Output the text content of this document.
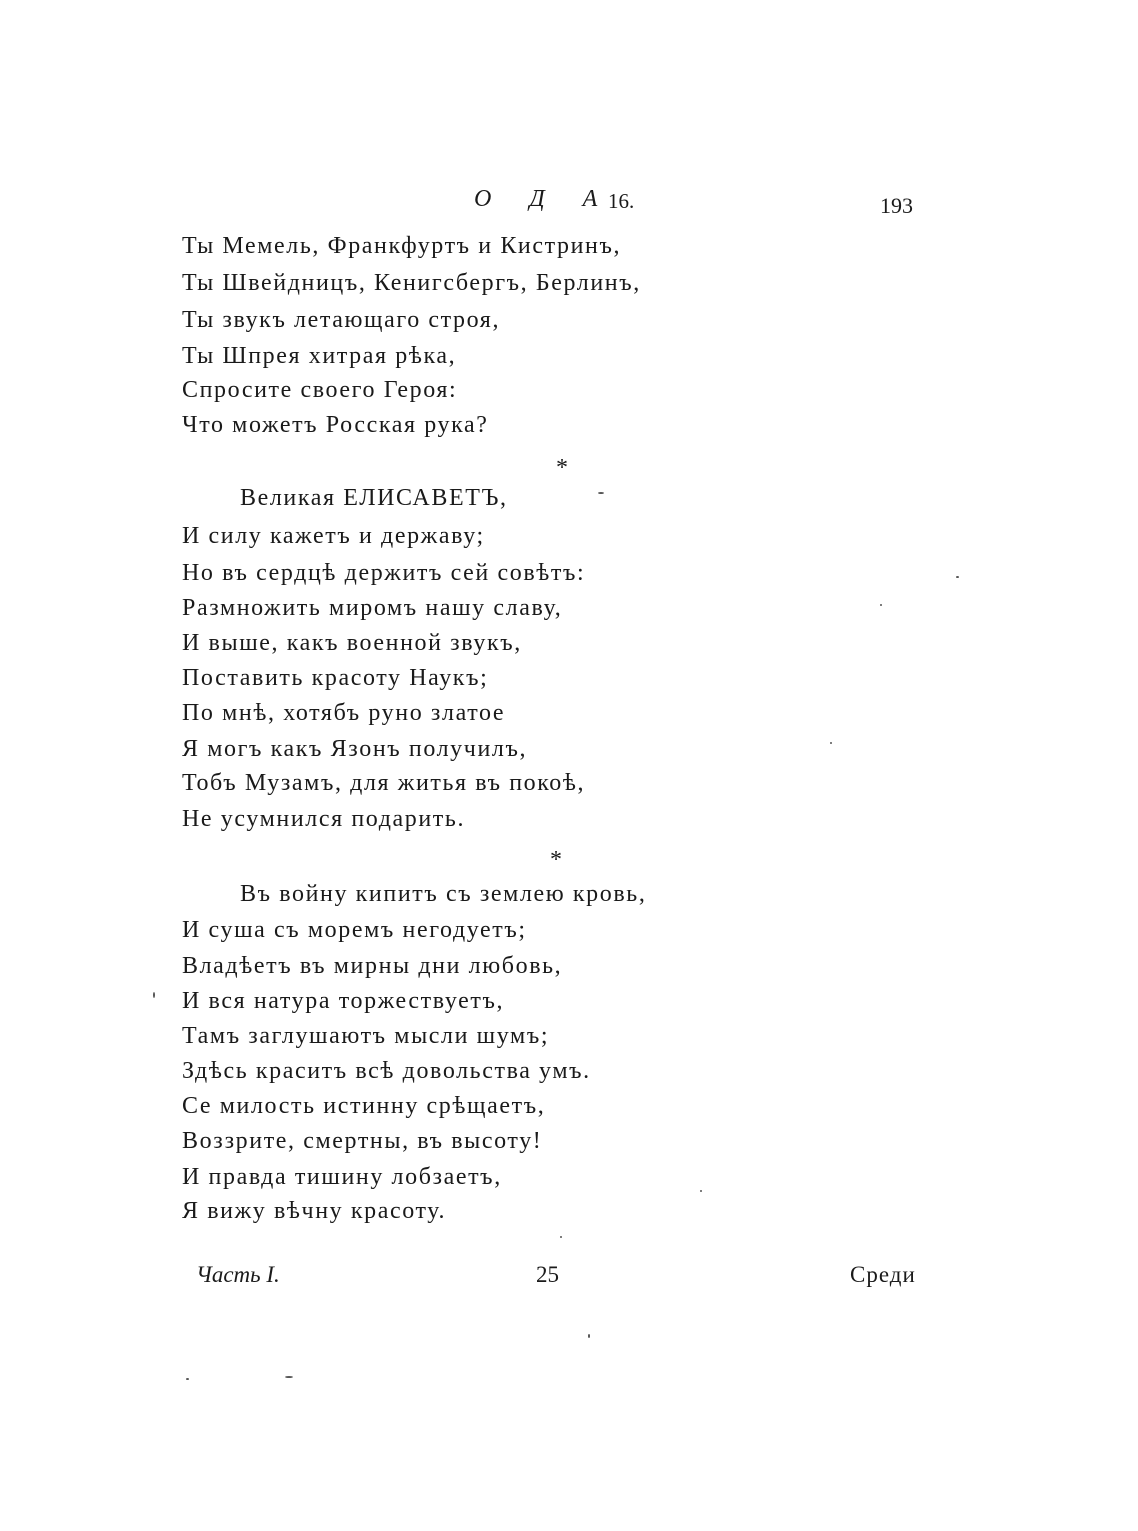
О Д А
16.	193
Ты Мемель, Франкфуртъ и Кистринъ,
Ты Швейдницъ, Кенигсбергъ, Берлинъ,
Ты звукъ летающаго строя,
Ты Шпрея хитрая рѣка,
Спросите своего Героя:
Что можетъ Росская рука?
*
Великая ЕЛИСАВЕТЪ,
И силу кажетъ и державу;
Но въ сердцѣ держитъ сей совѣтъ:
Размножить миромъ нашу славу,
И выше, какъ военной звукъ,
Поставить красоту Наукъ;
По мнѣ, хотябъ руно златое
Я могъ какъ Язонъ получилъ,
Тобъ Музамъ, для житья въ покоѣ,
Не усумнился подарить.
*
Въ войну кипитъ съ землею кровь,
И суша съ моремъ негодуетъ;
Владѣетъ въ мирны дни любовь,
И вся натура торжествуетъ,
Тамъ заглушаютъ мысли шумъ;
Здѣсь краситъ всѣ довольства умъ.
Се милость истинну срѣщаетъ,
Воззрите, смертны, въ высоту!
И правда тишину лобзаетъ,
Я вижу вѣчну красоту.
Часть I.	25	Среди
